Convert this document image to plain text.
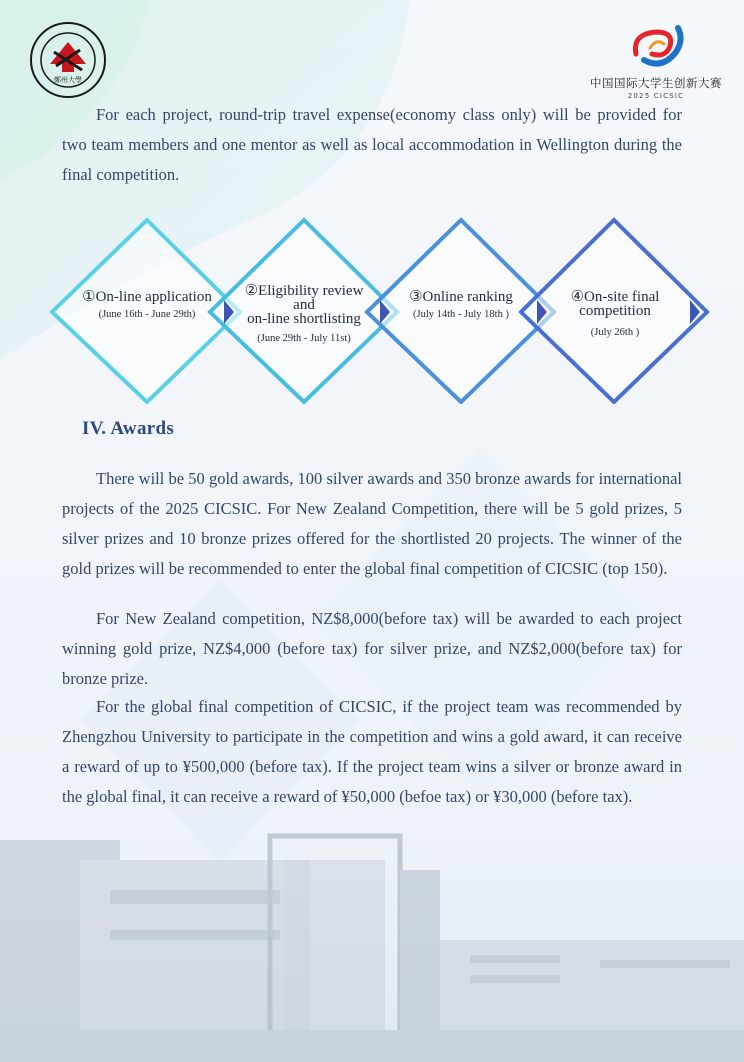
鄭州大學	中国国际大学生创新大赛
2025 CICSIC

For each project, round-trip travel expense(economy class only) will be provided for two team members and one mentor as well as local accommodation in Wellington during the final competition.

①On-line application
(June 16th - June 29th)
②Eligibility review
and
on-line shortlisting
(June 29th - July 11st)
③Online ranking
(July 14th - July 18th )
④On-site final
competition
(July 26th )
IV. Awards

There will be 50 gold awards, 100 silver awards and 350 bronze awards for international projects of the 2025 CICSIC. For New Zealand Competition, there will be 5 gold prizes, 5 silver prizes and 10 bronze prizes offered for the shortlisted 20 projects. The winner of the gold prizes will be recommended to enter the global final competition of CICSIC (top 150).

For New Zealand competition, NZ$8,000(before tax) will be awarded to each project winning gold prize, NZ$4,000 (before tax) for silver prize, and NZ$2,000(before tax) for bronze prize.

For the global final competition of CICSIC, if the project team was recommended by Zhengzhou University to participate in the competition and wins a gold award, it can receive a reward of up to ¥500,000 (before tax). If the project team wins a silver or bronze award in the global final, it can receive a reward of ¥50,000 (befoe tax) or ¥30,000 (before tax).
